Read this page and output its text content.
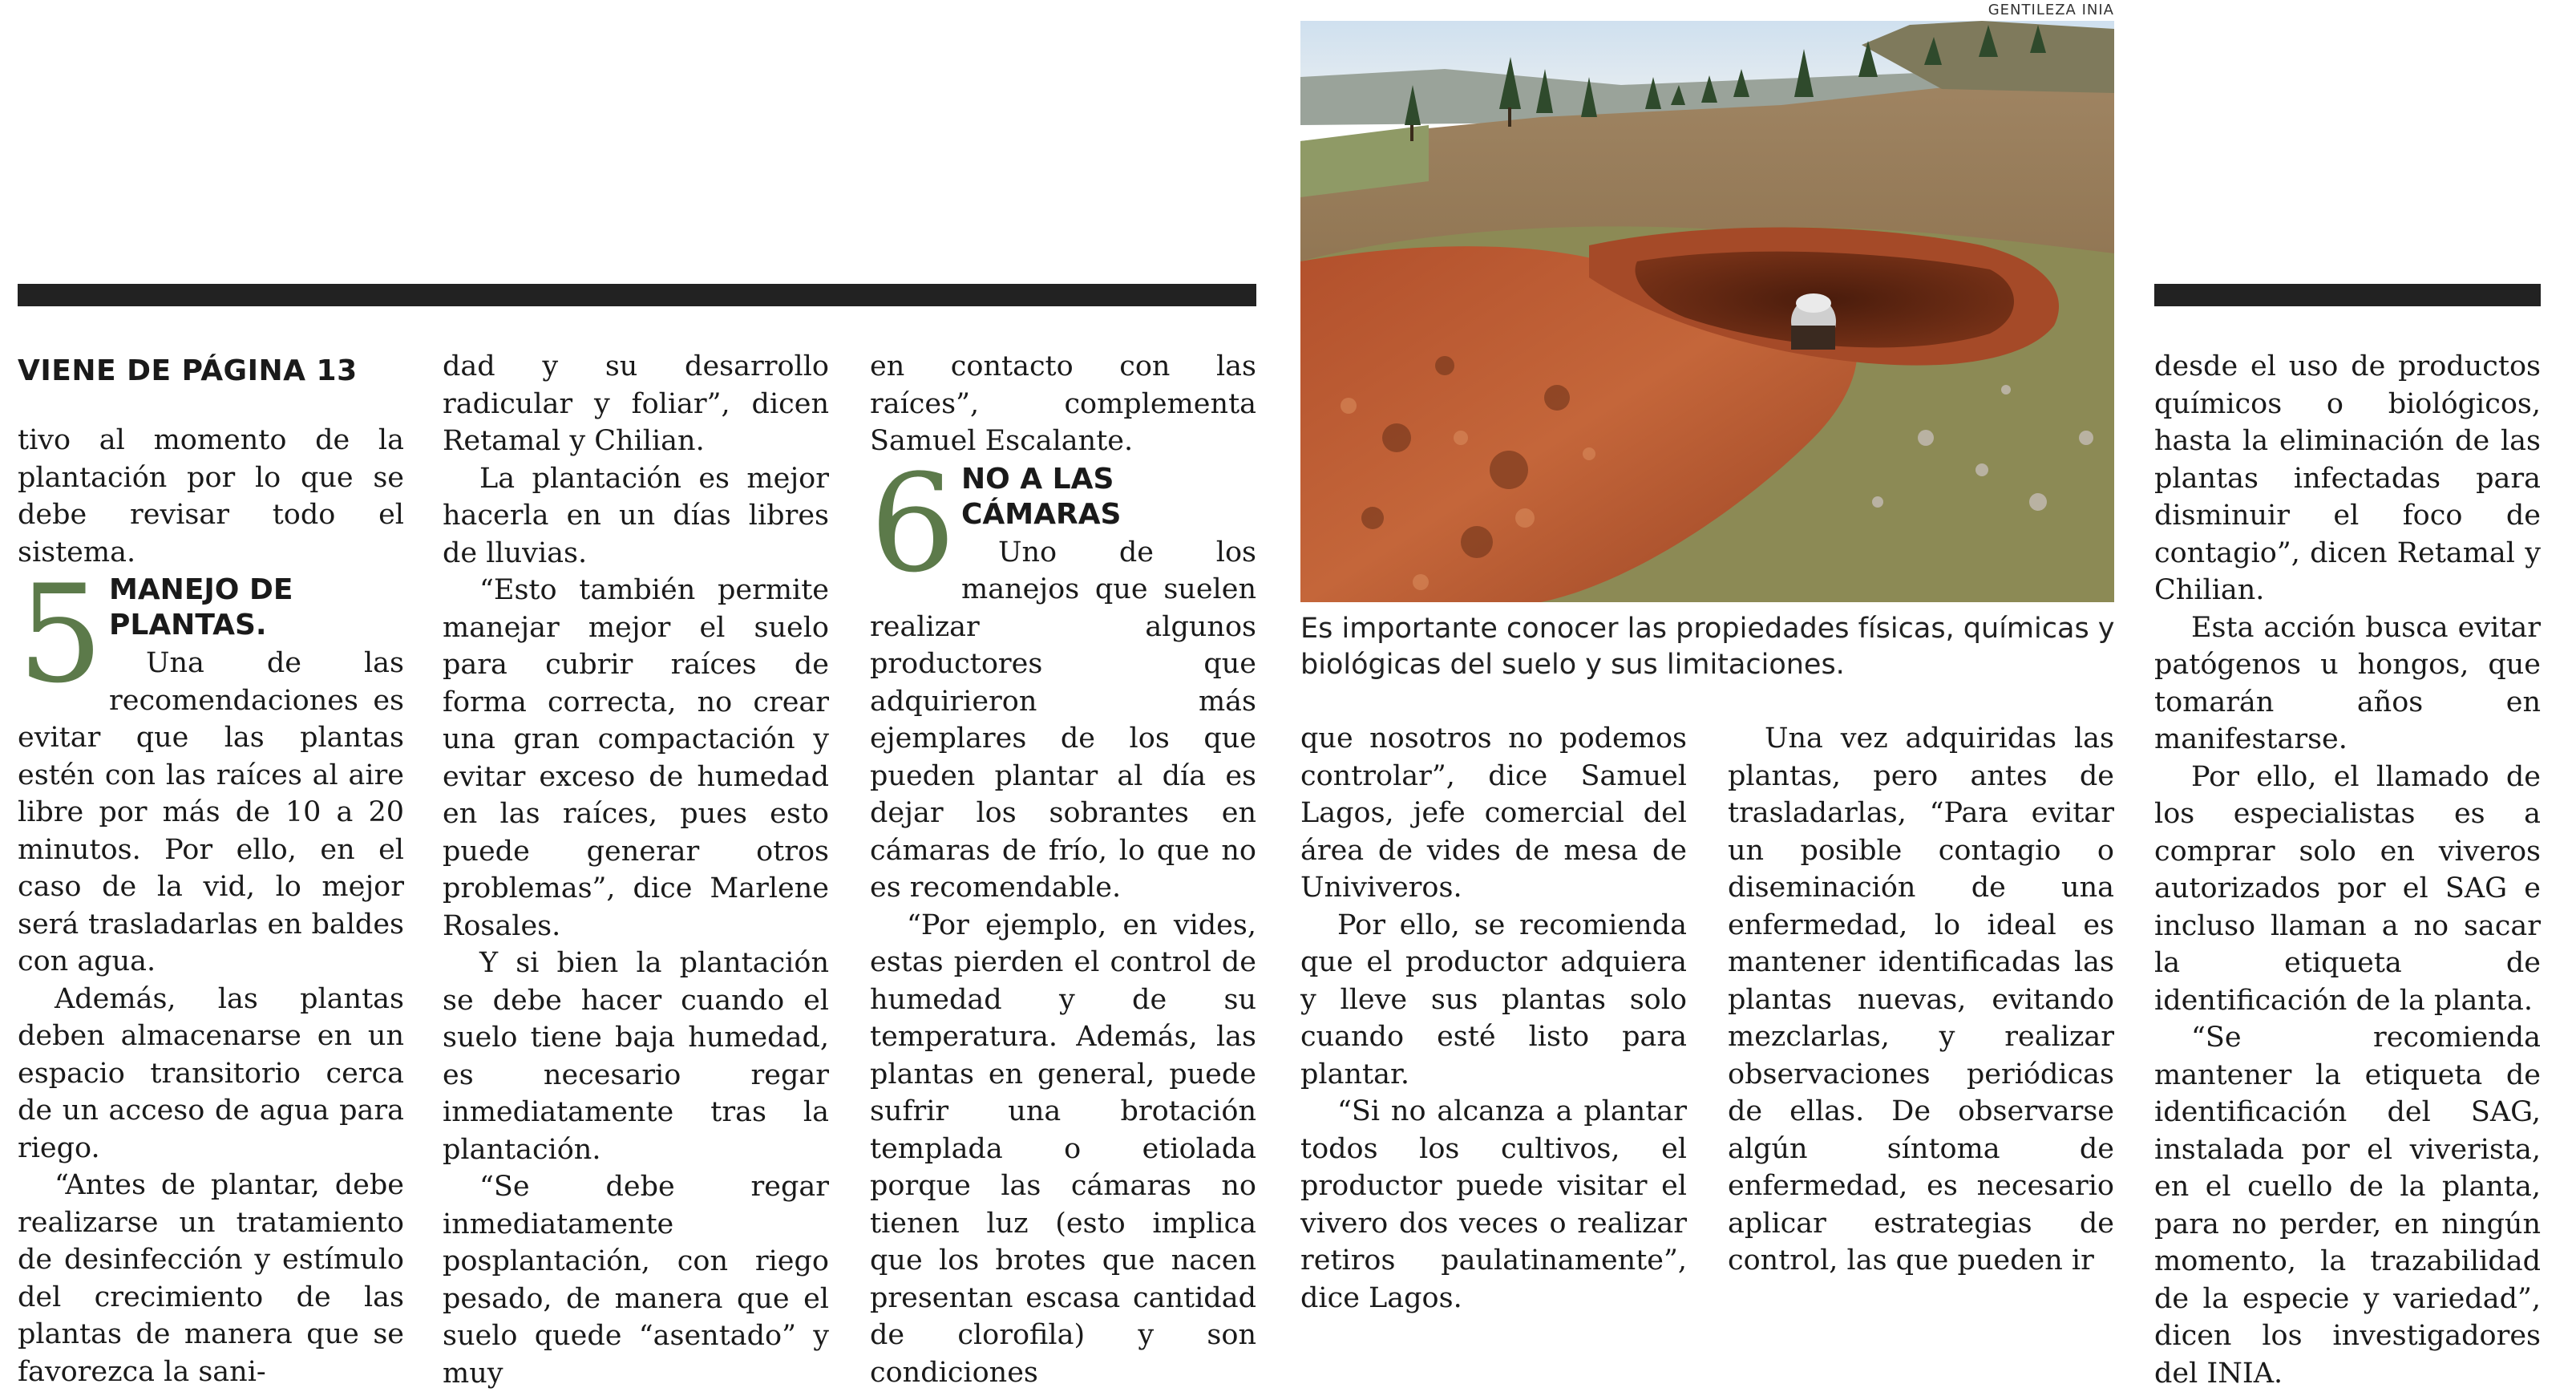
GENTILEZA INIA
Es importante conocer las propiedades físicas, químicas y biológicas del suelo y sus limitaciones.
VIENE DE PÁGINA 13

tivo al momento de la plantación por lo que se debe revisar todo el sistema.

5 MANEJO DE PLANTAS.

Una de las recomendaciones es evitar que las plantas estén con las raíces al aire libre por más de 10 a 20 minutos. Por ello, en el caso de la vid, lo mejor será trasladarlas en baldes con agua.

Además, las plantas deben almacenarse en un espacio transitorio cerca de un acceso de agua para riego.

“Antes de plantar, debe realizarse un tratamiento de desinfección y estímulo del crecimiento de las plantas de manera que se favorezca la sani-

dad y su desarrollo radicular y foliar”, dicen Retamal y Chilian.

La plantación es mejor hacerla en un días libres de lluvias.

“Esto también permite manejar mejor el suelo para cubrir raíces de forma correcta, no crear una gran compactación y evitar exceso de humedad en las raíces, pues esto puede generar otros problemas”, dice Marlene Rosales.

Y si bien la plantación se debe hacer cuando el suelo tiene baja humedad, es necesario regar inmediatamente tras la plantación.

“Se debe regar inmediatamente posplantación, con riego pesado, de manera que el suelo quede “asentado” y muy

en contacto con las raíces”, complementa Samuel Escalante.

6 NO A LAS CÁMARAS

Uno de los manejos que suelen realizar algunos productores que adquirieron más ejemplares de los que pueden plantar al día es dejar los sobrantes en cámaras de frío, lo que no es recomendable.

“Por ejemplo, en vides, estas pierden el control de humedad y de su temperatura. Además, las plantas en general, puede sufrir una brotación templada o etiolada porque las cámaras no tienen luz (esto implica que los brotes que nacen presentan escasa cantidad de clorofila) y son condiciones

que nosotros no podemos controlar”, dice Samuel Lagos, jefe comercial del área de vides de mesa de Univiveros.

Por ello, se recomienda que el productor adquiera y lleve sus plantas solo cuando esté listo para plantar.

“Si no alcanza a plantar todos los cultivos, el productor puede visitar el vivero dos veces o realizar retiros paulatinamente”, dice Lagos.

Una vez adquiridas las plantas, pero antes de trasladarlas, “Para evitar un posible contagio o diseminación de una enfermedad, lo ideal es mantener identificadas las plantas nuevas, evitando mezclarlas, y realizar observaciones periódicas de ellas. De observarse algún síntoma de enfermedad, es necesario aplicar estrategias de control, las que pueden ir

desde el uso de productos químicos o biológicos, hasta la eliminación de las plantas infectadas para disminuir el foco de contagio”, dicen Retamal y Chilian.

Esta acción busca evitar patógenos u hongos, que tomarán años en manifestarse.

Por ello, el llamado de los especialistas es a comprar solo en viveros autorizados por el SAG e incluso llaman a no sacar la etiqueta de identificación de la planta.

“Se recomienda mantener la etiqueta de identificación del SAG, instalada por el viverista, en el cuello de la planta, para no perder, en ningún momento, la trazabilidad de la especie y variedad”, dicen los investigadores del INIA.
